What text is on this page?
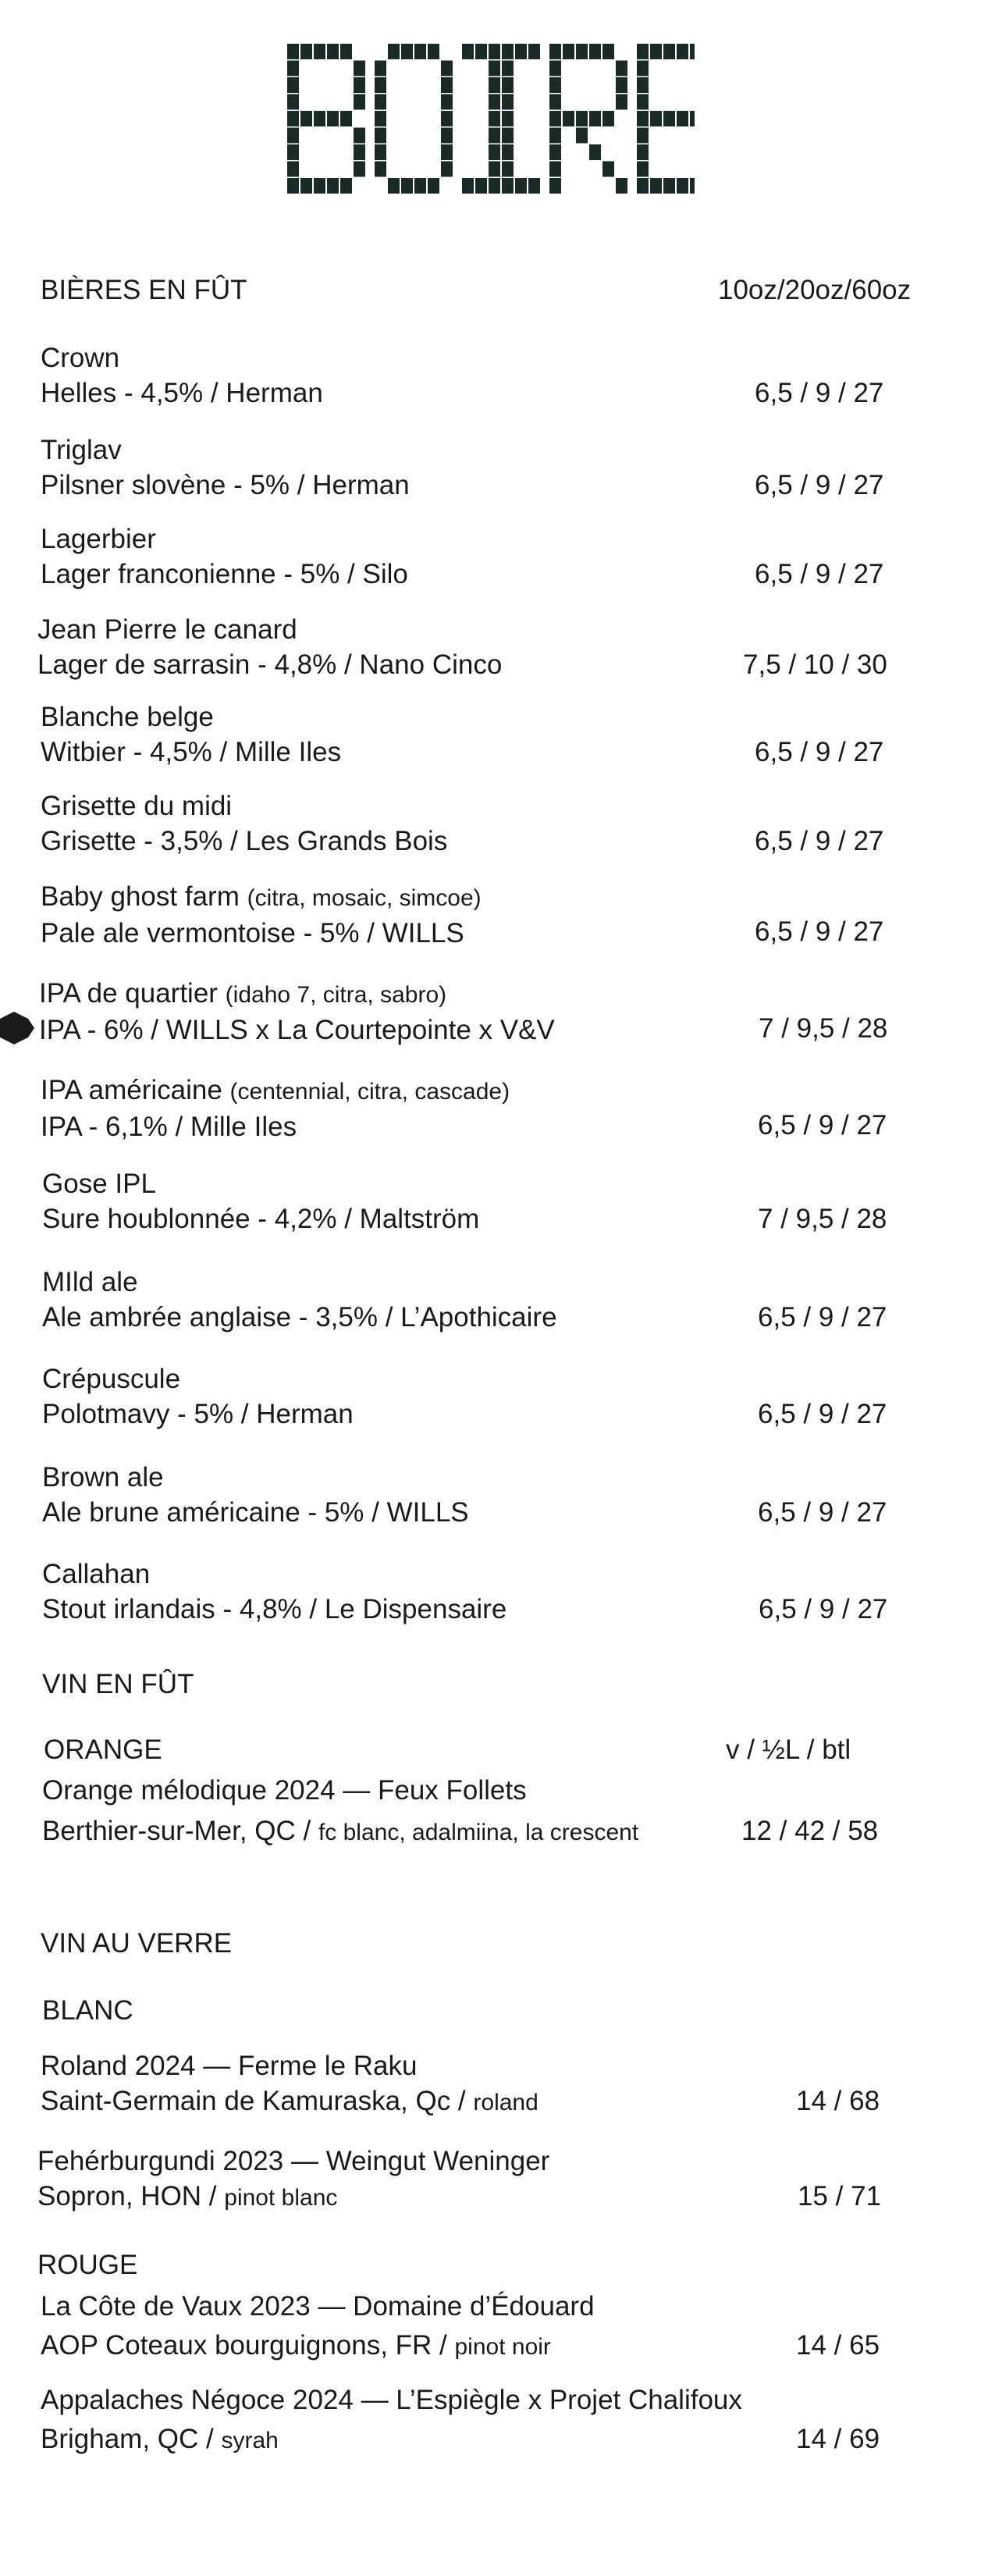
BIÈRES EN FÛT	10oz/20oz/60oz
Crown
Helles - 4,5% / Herman	6,5 / 9 / 27
Triglav
Pilsner slovène - 5% / Herman	6,5 / 9 / 27
Lagerbier
Lager franconienne - 5% / Silo	6,5 / 9 / 27
Jean Pierre le canard
Lager de sarrasin - 4,8% / Nano Cinco	7,5 / 10 / 30
Blanche belge
Witbier - 4,5% / Mille Iles	6,5 / 9 / 27
Grisette du midi
Grisette - 3,5% / Les Grands Bois	6,5 / 9 / 27
Baby ghost farm (citra, mosaic, simcoe)
Pale ale vermontoise - 5% / WILLS	6,5 / 9 / 27
IPA de quartier (idaho 7, citra, sabro)
IPA - 6% / WILLS x La Courtepointe x V&V	7 / 9,5 / 28
IPA américaine (centennial, citra, cascade)
IPA - 6,1% / Mille Iles	6,5 / 9 / 27
Gose IPL
Sure houblonnée - 4,2% / Maltström	7 / 9,5 / 28
MIld ale
Ale ambrée anglaise - 3,5% / L’Apothicaire	6,5 / 9 / 27
Crépuscule
Polotmavy - 5% / Herman	6,5 / 9 / 27
Brown ale
Ale brune américaine - 5% / WILLS	6,5 / 9 / 27
Callahan
Stout irlandais - 4,8% / Le Dispensaire	6,5 / 9 / 27
VIN EN FÛT
ORANGE	v / ½L / btl
Orange mélodique 2024 — Feux Follets
Berthier-sur-Mer, QC / fc blanc, adalmiina, la crescent	12 / 42 / 58
VIN AU VERRE
BLANC
Roland 2024 — Ferme le Raku
Saint-Germain de Kamuraska, Qc / roland	14 / 68
Fehérburgundi 2023 — Weingut Weninger
Sopron, HON / pinot blanc	15 / 71
ROUGE
La Côte de Vaux 2023 — Domaine d’Édouard
AOP Coteaux bourguignons, FR / pinot noir	14 / 65
Appalaches Négoce 2024 — L’Espiègle x Projet Chalifoux
Brigham, QC / syrah	14 / 69
